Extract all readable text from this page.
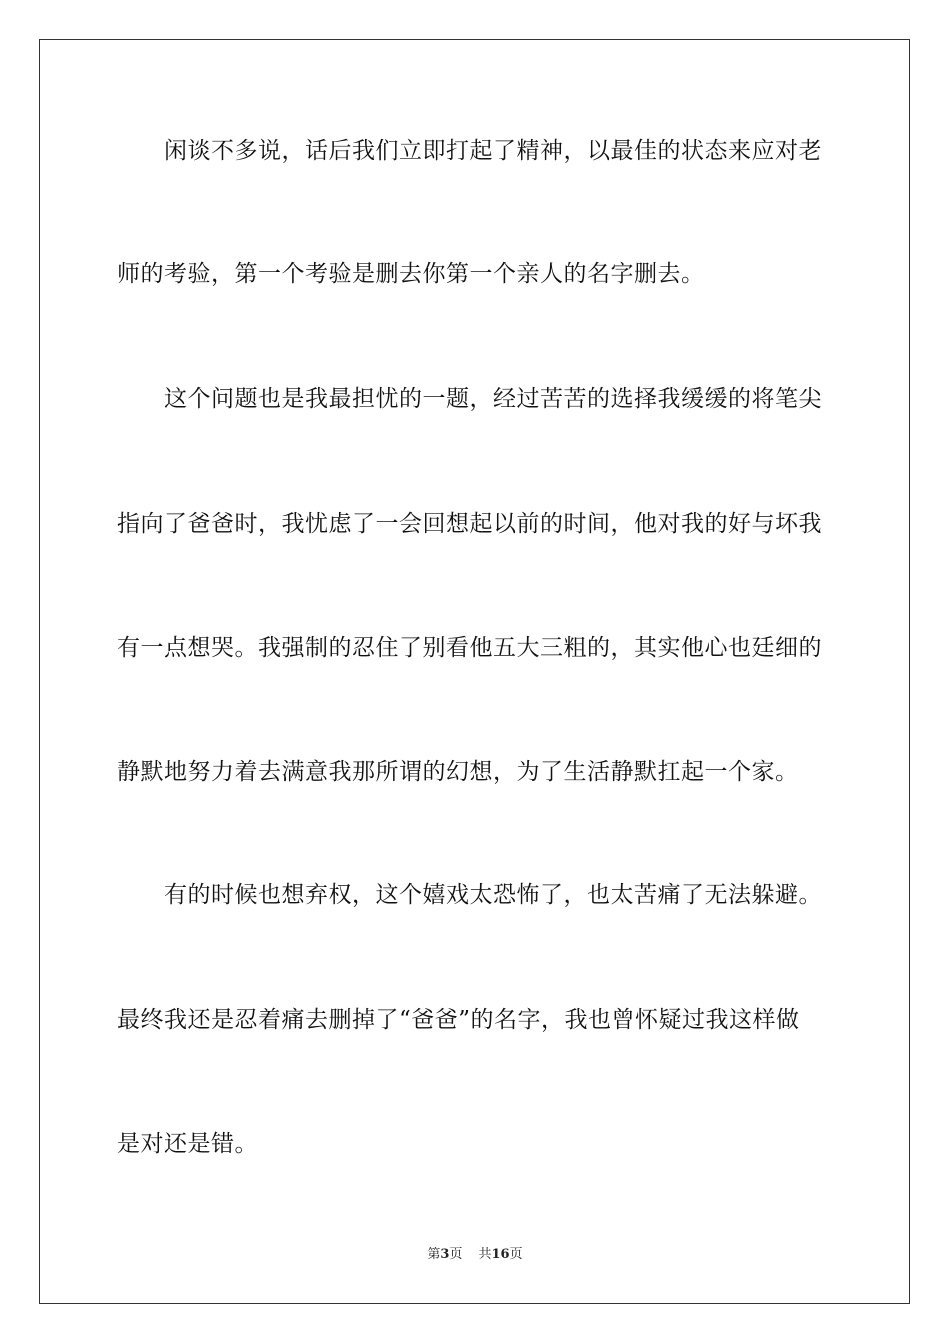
闲谈不多说，话后我们立即打起了精神，以最佳的状态来应对老
师的考验，第一个考验是删去你第一个亲人的名字删去。
这个问题也是我最担忧的一题，经过苦苦的选择我缓缓的将笔尖
指向了爸爸时，我忧虑了一会回想起以前的时间，他对我的好与坏我
有一点想哭。我强制的忍住了别看他五大三粗的，其实他心也廷细的
静默地努力着去满意我那所谓的幻想，为了生活静默扛起一个家。
有的时候也想弃权，这个嬉戏太恐怖了，也太苦痛了无法躲避。
最终我还是忍着痛去删掉了“爸爸”的名字，我也曾怀疑过我这样做
是对还是错。
第3页 共16页
